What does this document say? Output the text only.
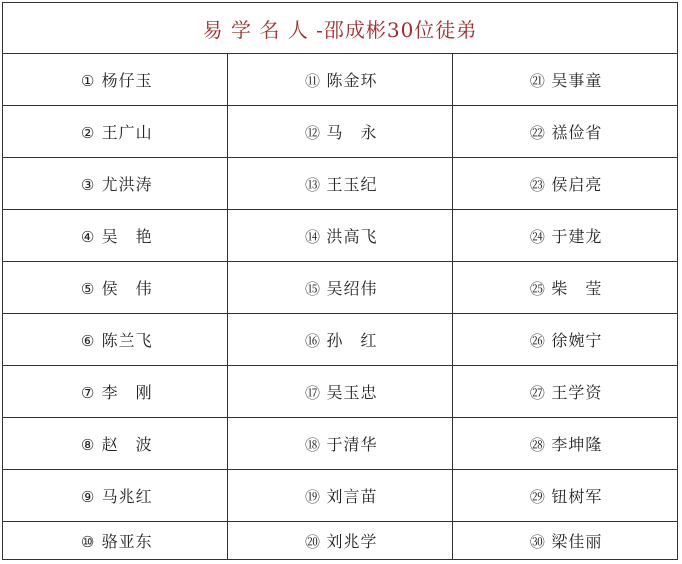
易 学 名 人 -邵成彬30位徒弟
① 杨仔玉	⑪ 陈金环	㉑ 吴事童
② 王广山	⑫ 马　永	㉒ 禚俭省
③ 尤洪涛	⑬ 王玉纪	㉓ 侯启亮
④ 吴　艳	⑭ 洪高飞	㉔ 于建龙
⑤ 侯　伟	⑮ 吴绍伟	㉕ 柴　莹
⑥ 陈兰飞	⑯ 孙　红	㉖ 徐婉宁
⑦ 李　刚	⑰ 吴玉忠	㉗ 王学资
⑧ 赵　波	⑱ 于清华	㉘ 李坤隆
⑨ 马兆红	⑲ 刘言苗	㉙ 钮树军
⑩ 骆亚东	⑳ 刘兆学	㉚ 梁佳丽
